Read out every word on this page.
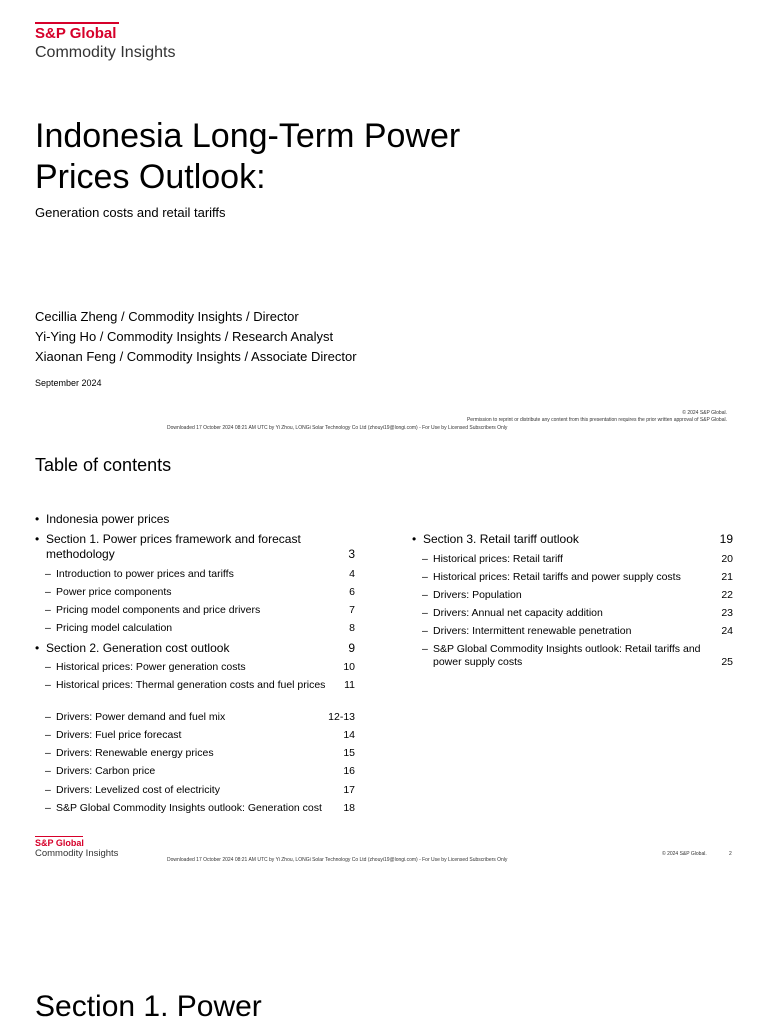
S&P Global
Commodity Insights
Indonesia Long-Term Power Prices Outlook:
Generation costs and retail tariffs
Cecillia Zheng / Commodity Insights / Director
Yi-Ying Ho / Commodity Insights / Research Analyst
Xiaonan Feng / Commodity Insights / Associate Director
September 2024
© 2024 S&P Global.
Permission to reprint or distribute any content from this presentation requires the prior written approval of S&P Global.
Downloaded 17 October 2024 08:21 AM UTC by Yi Zhou, LONGi Solar Technology Co Ltd (zhouyi19@longi.com) - For Use by Licensed Subscribers Only
Table of contents
• Indonesia power prices
• Section 1. Power prices framework and forecast methodology	3
– Introduction to power prices and tariffs	4
– Power price components	6
– Pricing model components and price drivers	7
– Pricing model calculation	8
• Section 2. Generation cost outlook	9
– Historical prices: Power generation costs	10
– Historical prices: Thermal generation costs and fuel prices	11
– Drivers: Power demand and fuel mix	12-13
– Drivers: Fuel price forecast	14
– Drivers: Renewable energy prices	15
– Drivers: Carbon price	16
– Drivers: Levelized cost of electricity	17
– S&P Global Commodity Insights outlook: Generation cost	18
• Section 3. Retail tariff outlook	19
– Historical prices: Retail tariff	20
– Historical prices: Retail tariffs and power supply costs	21
– Drivers: Population	22
– Drivers: Annual net capacity addition	23
– Drivers: Intermittent renewable penetration	24
– S&P Global Commodity Insights outlook: Retail tariffs and power supply costs	25
S&P Global
Commodity Insights
Downloaded 17 October 2024 08:21 AM UTC by Yi Zhou, LONGi Solar Technology Co Ltd (zhouyi19@longi.com) - For Use by Licensed Subscribers Only
© 2024 S&P Global.	2
Section 1. Power
